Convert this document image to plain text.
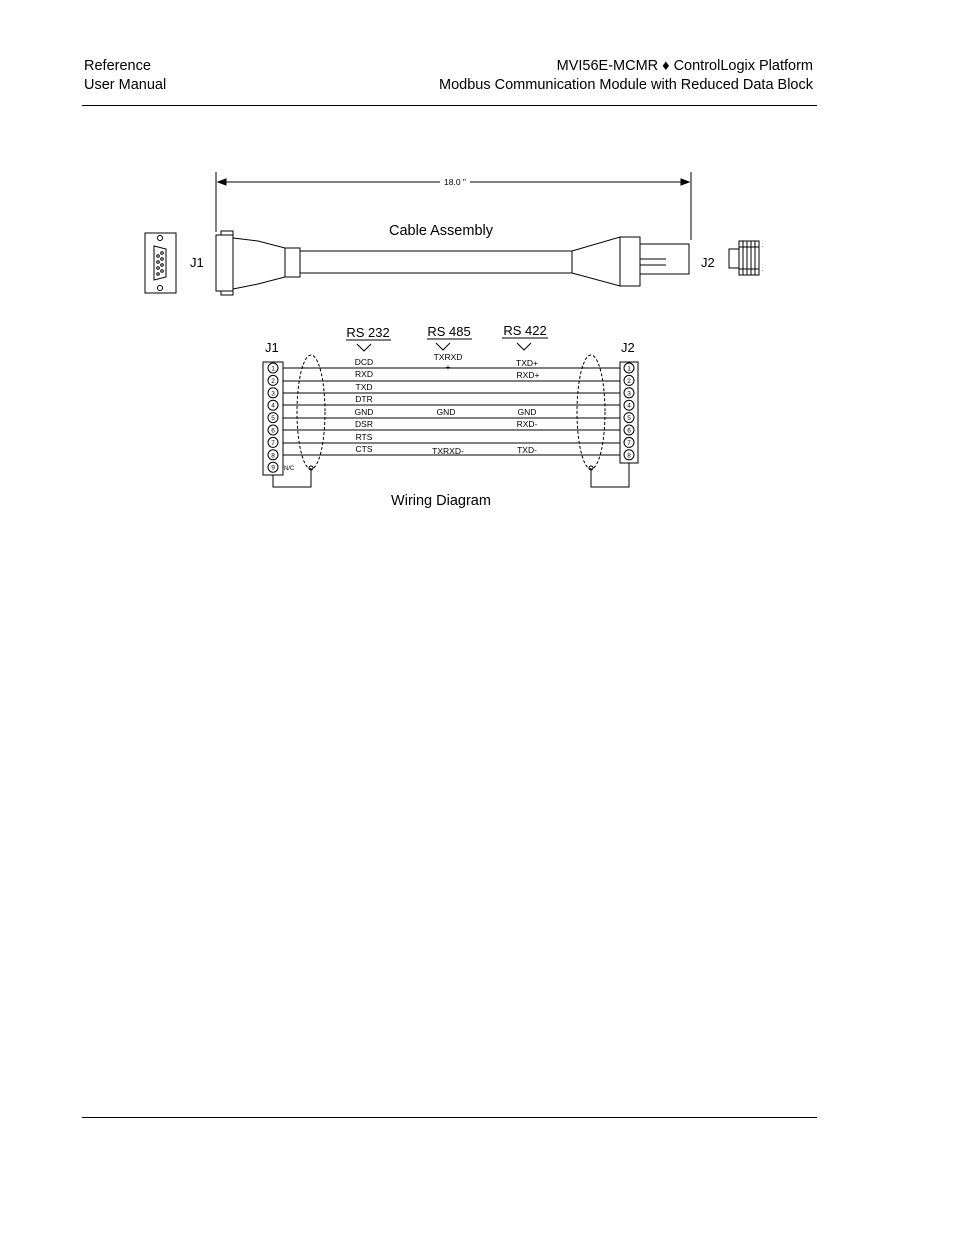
Reference
User Manual
MVI56E-MCMR ♦ ControlLogix Platform
Modbus Communication Module with Reduced Data Block
1
2
3
4
5
6
7
8
9
1
2
3
4
5
6
7
8
18.0 "
Cable Assembly
J1	J2
'
'
J1	J2
RS 232	RS 485	RS 422
DCD
RXD
TXD
DTR
GND
DSR
RTS
CTS
TXRXD
+
GND
TXRXD-
TXD+
RXD+
GND
RXD-
TXD-
N/C
Wiring Diagram
